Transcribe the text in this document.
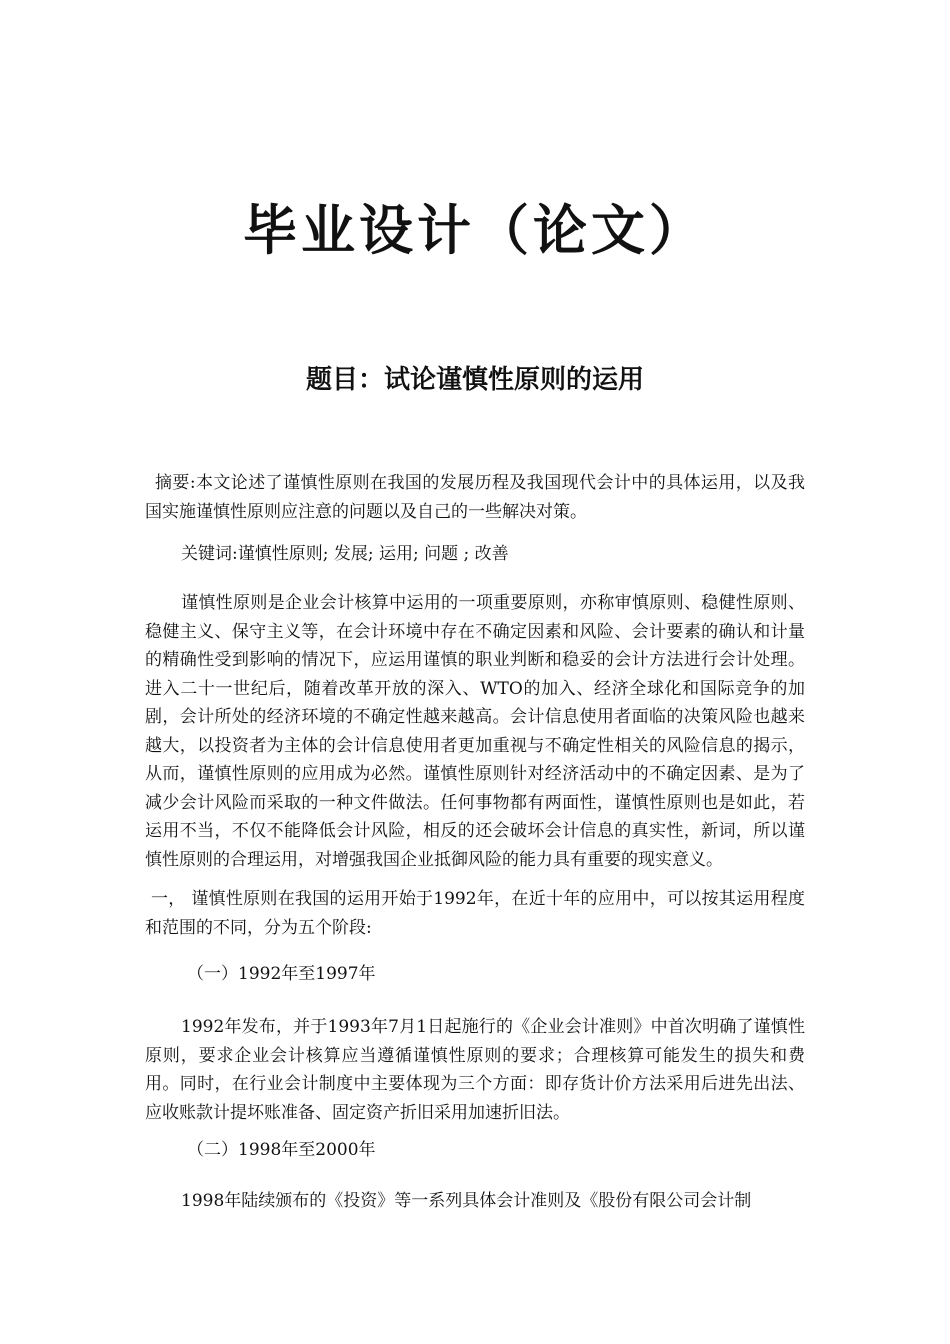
毕业设计（论文）
题目：试论谨慎性原则的运用

摘要:本文论述了谨慎性原则在我国的发展历程及我国现代会计中的具体运用，以及我国实施谨慎性原则应注意的问题以及自己的一些解决对策。

关键词:谨慎性原则; 发展; 运用; 问题 ; 改善

谨慎性原则是企业会计核算中运用的一项重要原则，亦称审慎原则、稳健性原则、稳健主义、保守主义等，在会计环境中存在不确定因素和风险、会计要素的确认和计量的精确性受到影响的情况下，应运用谨慎的职业判断和稳妥的会计方法进行会计处理。进入二十一世纪后，随着改革开放的深入、WTO的加入、经济全球化和国际竞争的加剧，会计所处的经济环境的不确定性越来越高。会计信息使用者面临的决策风险也越来越大，以投资者为主体的会计信息使用者更加重视与不确定性相关的风险信息的揭示，从而，谨慎性原则的应用成为必然。谨慎性原则针对经济活动中的不确定因素、是为了减少会计风险而采取的一种文件做法。任何事物都有两面性，谨慎性原则也是如此，若运用不当，不仅不能降低会计风险，相反的还会破坏会计信息的真实性，新词，所以谨慎性原则的合理运用，对增强我国企业抵御风险的能力具有重要的现实意义。

一， 谨慎性原则在我国的运用开始于1992年，在近十年的应用中，可以按其运用程度和范围的不同，分为五个阶段:

（一）1992年至1997年

1992年发布，并于1993年7月1日起施行的《企业会计准则》中首次明确了谨慎性原则，要求企业会计核算应当遵循谨慎性原则的要求；合理核算可能发生的损失和费用。同时，在行业会计制度中主要体现为三个方面：即存货计价方法采用后进先出法、应收账款计提坏账准备、固定资产折旧采用加速折旧法。

（二）1998年至2000年

1998年陆续颁布的《投资》等一系列具体会计准则及《股份有限公司会计制
